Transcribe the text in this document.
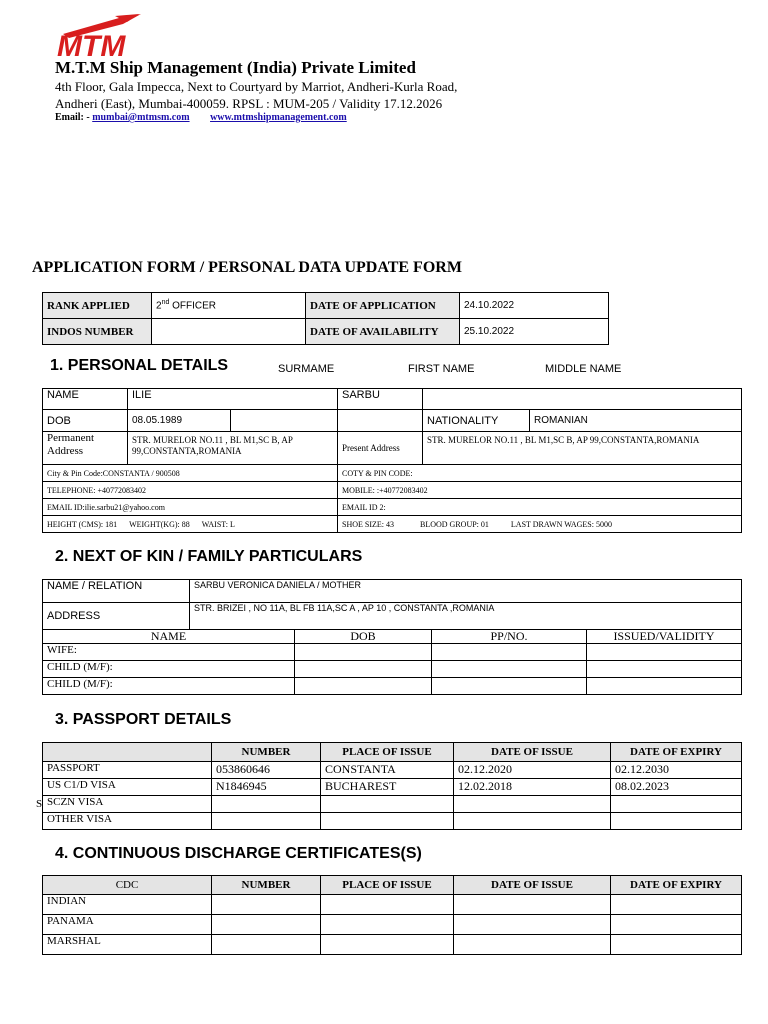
MTM
M.T.M Ship Management (India) Private Limited
4th Floor, Gala Impecca, Next to Courtyard by Marriot, Andheri-Kurla Road,
Andheri (East), Mumbai-400059. RPSL : MUM-205 / Validity 17.12.2026
Email: - mumbai@mtmsm.com www.mtmshipmanagement.com
APPLICATION FORM / PERSONAL DATA UPDATE FORM
RANK APPLIED	2nd OFFICER	DATE OF APPLICATION	24.10.2022
INDOS NUMBER		DATE OF AVAILABILITY	25.10.2022
1. PERSONAL DETAILS	SURMAME	FIRST NAME	MIDDLE NAME
NAME	ILIE		SARBU		
DOB	08.05.1989			NATIONALITY	ROMANIAN
Permanent Address	STR. MURELOR NO.11 , BL M1,SC B, AP 99,CONSTANTA,ROMANIA		Present Address	STR. MURELOR NO.11 , BL M1,SC B, AP 99,CONSTANTA,ROMANIA	
City & Pin Code:CONSTANTA / 900508			COTY & PIN CODE:		
TELEPHONE: +40772083402			MOBILE: :+40772083402		
EMAIL ID:ilie.sarbu21@yahoo.com			EMAIL ID 2:		
HEIGHT (CMS): 181 WEIGHT(KG): 88 WAIST: L			SHOE SIZE: 43 BLOOD GROUP: 01 LAST DRAWN WAGES: 5000		
2. NEXT OF KIN / FAMILY PARTICULARS
NAME / RELATION	SARBU VERONICA DANIELA / MOTHER			
ADDRESS	STR. BRIZEI , NO 11A, BL FB 11A,SC A , AP 10 , CONSTANTA ,ROMANIA			
NAME		DOB	PP/NO.	ISSUED/VALIDITY
WIFE:				
CHILD (M/F):				
CHILD (M/F):				
3. PASSPORT DETAILS
S
	NUMBER	PLACE OF ISSUE	DATE OF ISSUE	DATE OF EXPIRY
PASSPORT	053860646	CONSTANTA	02.12.2020	02.12.2030
US C1/D VISA	N1846945	BUCHAREST	12.02.2018	08.02.2023
SCZN VISA				
OTHER VISA				
4. CONTINUOUS DISCHARGE CERTIFICATES(S)
CDC	NUMBER	PLACE OF ISSUE	DATE OF ISSUE	DATE OF EXPIRY
INDIAN				
PANAMA				
MARSHAL				
